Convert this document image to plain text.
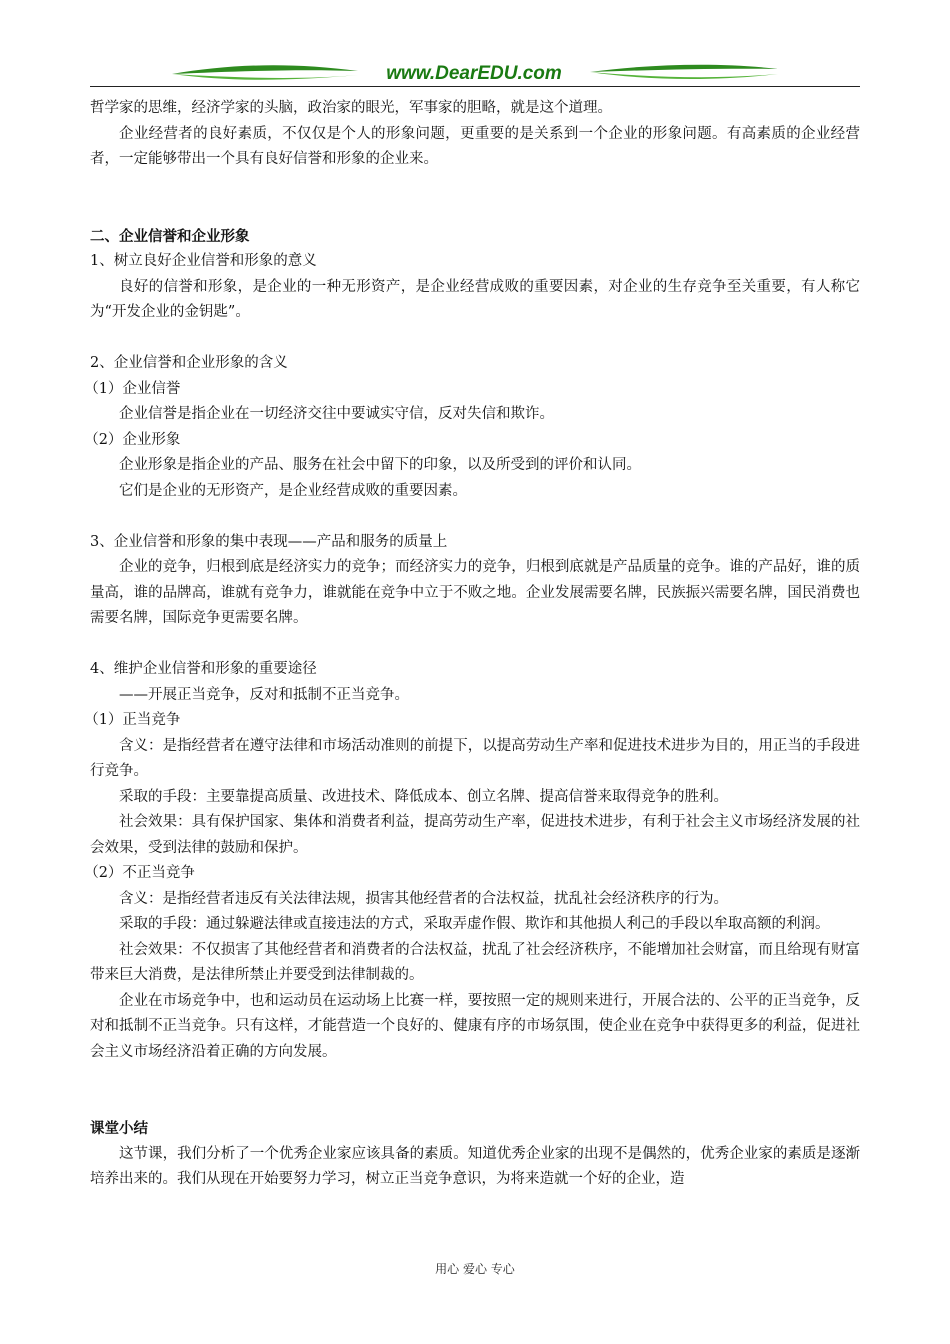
www.DearEDU.com

哲学家的思维，经济学家的头脑，政治家的眼光，军事家的胆略，就是这个道理。

企业经营者的良好素质，不仅仅是个人的形象问题，更重要的是关系到一个企业的形象问题。有高素质的企业经营者，一定能够带出一个具有良好信誉和形象的企业来。

二、企业信誉和企业形象

1、树立良好企业信誉和形象的意义

良好的信誉和形象，是企业的一种无形资产，是企业经营成败的重要因素，对企业的生存竞争至关重要，有人称它为“开发企业的金钥匙”。

2、企业信誉和企业形象的含义

（1）企业信誉

企业信誉是指企业在一切经济交往中要诚实守信，反对失信和欺诈。

（2）企业形象

企业形象是指企业的产品、服务在社会中留下的印象，以及所受到的评价和认同。

它们是企业的无形资产，是企业经营成败的重要因素。

3、企业信誉和形象的集中表现——产品和服务的质量上

企业的竞争，归根到底是经济实力的竞争；而经济实力的竞争，归根到底就是产品质量的竞争。谁的产品好，谁的质量高，谁的品牌高，谁就有竞争力，谁就能在竞争中立于不败之地。企业发展需要名牌，民族振兴需要名牌，国民消费也需要名牌，国际竞争更需要名牌。

4、维护企业信誉和形象的重要途径

——开展正当竞争，反对和抵制不正当竞争。

（1）正当竞争

含义：是指经营者在遵守法律和市场活动准则的前提下，以提高劳动生产率和促进技术进步为目的，用正当的手段进行竞争。

采取的手段：主要靠提高质量、改进技术、降低成本、创立名牌、提高信誉来取得竞争的胜利。

社会效果：具有保护国家、集体和消费者利益，提高劳动生产率，促进技术进步，有利于社会主义市场经济发展的社会效果，受到法律的鼓励和保护。

（2）不正当竞争

含义：是指经营者违反有关法律法规，损害其他经营者的合法权益，扰乱社会经济秩序的行为。

采取的手段：通过躲避法律或直接违法的方式，采取弄虚作假、欺诈和其他损人利己的手段以牟取高额的利润。

社会效果：不仅损害了其他经营者和消费者的合法权益，扰乱了社会经济秩序，不能增加社会财富，而且给现有财富带来巨大消费，是法律所禁止并要受到法律制裁的。

企业在市场竞争中，也和运动员在运动场上比赛一样，要按照一定的规则来进行，开展合法的、公平的正当竞争，反对和抵制不正当竞争。只有这样，才能营造一个良好的、健康有序的市场氛围，使企业在竞争中获得更多的利益，促进社会主义市场经济沿着正确的方向发展。

课堂小结

这节课，我们分析了一个优秀企业家应该具备的素质。知道优秀企业家的出现不是偶然的，优秀企业家的素质是逐渐培养出来的。我们从现在开始要努力学习，树立正当竞争意识，为将来造就一个好的企业，造

用心 爱心 专心
